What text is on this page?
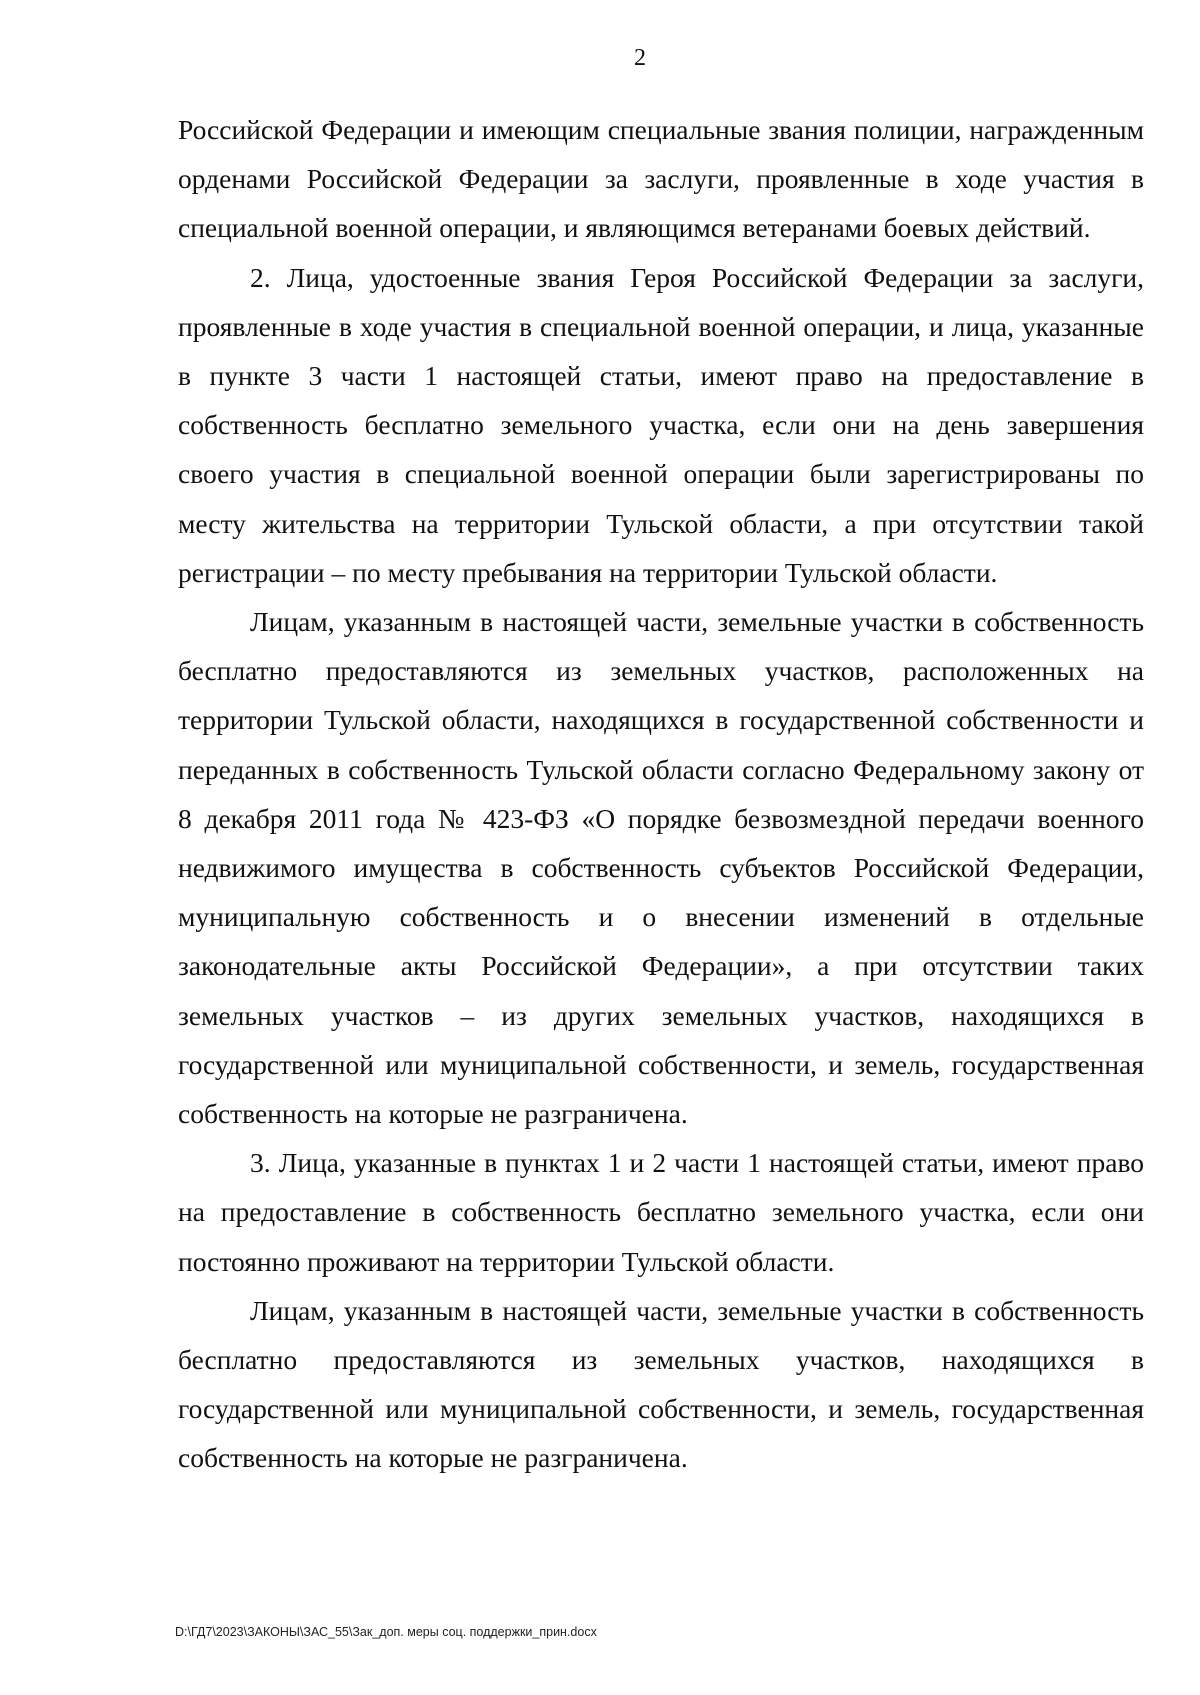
2

Российской Федерации и имеющим специальные звания полиции, награжденным орденами Российской Федерации за заслуги, проявленные в ходе участия в специальной военной операции, и являющимся ветеранами боевых действий.

2. Лица, удостоенные звания Героя Российской Федерации за заслуги, проявленные в ходе участия в специальной военной операции, и лица, указанные в пункте 3 части 1 настоящей статьи, имеют право на предоставление в собственность бесплатно земельного участка, если они на день завершения своего участия в специальной военной операции были зарегистрированы по месту жительства на территории Тульской области, а при отсутствии такой регистрации – по месту пребывания на территории Тульской области.

Лицам, указанным в настоящей части, земельные участки в собственность бесплатно предоставляются из земельных участков, расположенных на территории Тульской области, находящихся в государственной собственности и переданных в собственность Тульской области согласно Федеральному закону от 8 декабря 2011 года № 423-ФЗ «О порядке безвозмездной передачи военного недвижимого имущества в собственность субъектов Российской Федерации, муниципальную собственность и о внесении изменений в отдельные законодательные акты Российской Федерации», а при отсутствии таких земельных участков – из других земельных участков, находящихся в государственной или муниципальной собственности, и земель, государственная собственность на которые не разграничена.

3. Лица, указанные в пунктах 1 и 2 части 1 настоящей статьи, имеют право на предоставление в собственность бесплатно земельного участка, если они постоянно проживают на территории Тульской области.

Лицам, указанным в настоящей части, земельные участки в собственность бесплатно предоставляются из земельных участков, находящихся в государственной или муниципальной собственности, и земель, государственная собственность на которые не разграничена.

D:\ГД7\2023\ЗАКОНЫ\ЗАС_55\Зак_доп. меры соц. поддержки_прин.docx
